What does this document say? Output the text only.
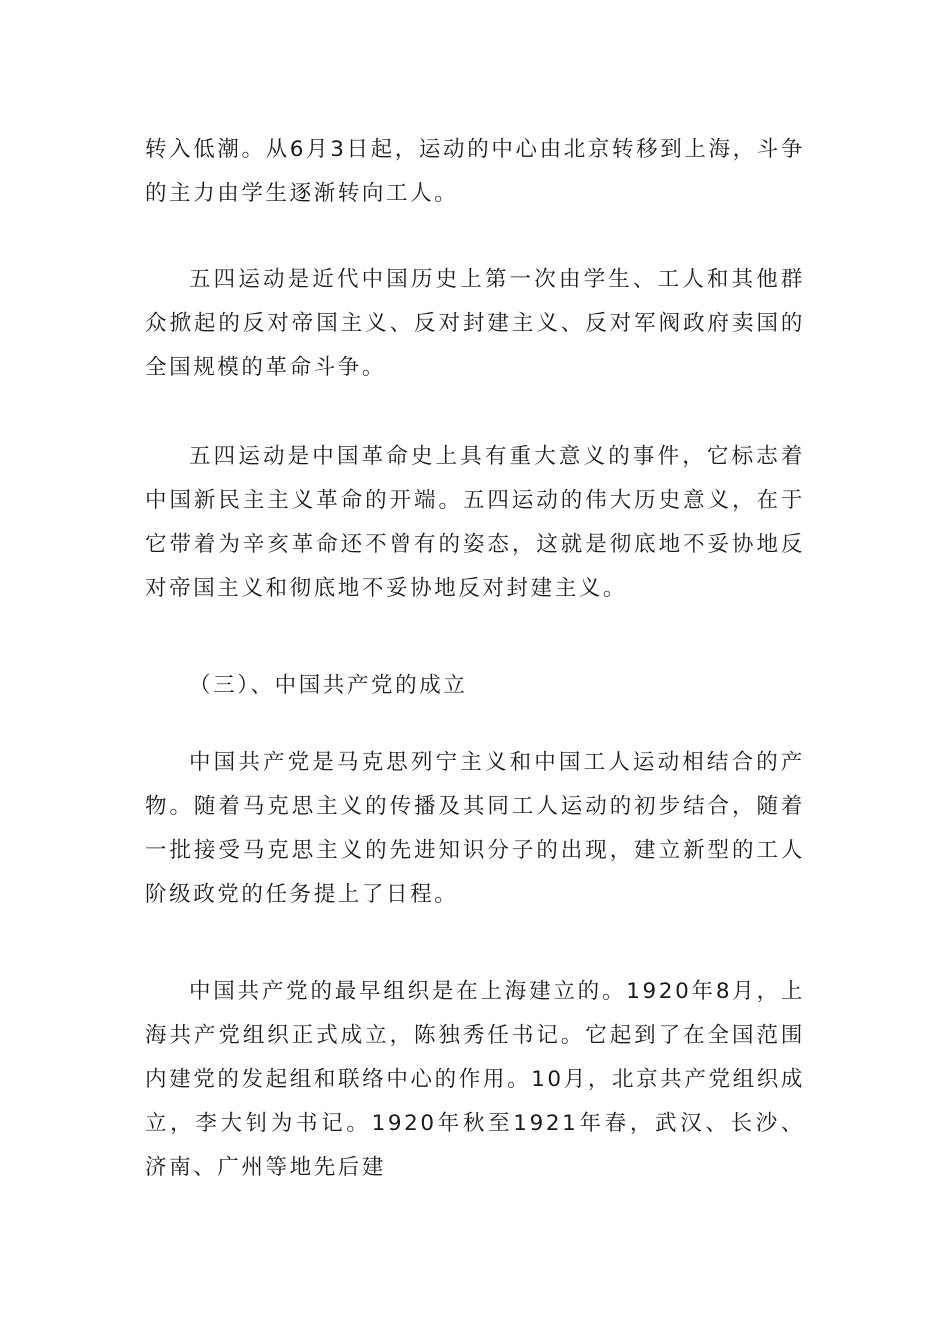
转入低潮。从6月3日起，运动的中心由北京转移到上海，斗争的主力由学生逐渐转向工人。

五四运动是近代中国历史上第一次由学生、工人和其他群众掀起的反对帝国主义、反对封建主义、反对军阀政府卖国的全国规模的革命斗争。

五四运动是中国革命史上具有重大意义的事件，它标志着中国新民主主义革命的开端。五四运动的伟大历史意义，在于它带着为辛亥革命还不曾有的姿态，这就是彻底地不妥协地反对帝国主义和彻底地不妥协地反对封建主义。

（三）、中国共产党的成立

中国共产党是马克思列宁主义和中国工人运动相结合的产物。随着马克思主义的传播及其同工人运动的初步结合，随着一批接受马克思主义的先进知识分子的出现，建立新型的工人阶级政党的任务提上了日程。

中国共产党的最早组织是在上海建立的。1920年8月，上海共产党组织正式成立，陈独秀任书记。它起到了在全国范围内建党的发起组和联络中心的作用。10月，北京共产党组织成立，李大钊为书记。1920年秋至1921年春，武汉、长沙、济南、广州等地先后建
